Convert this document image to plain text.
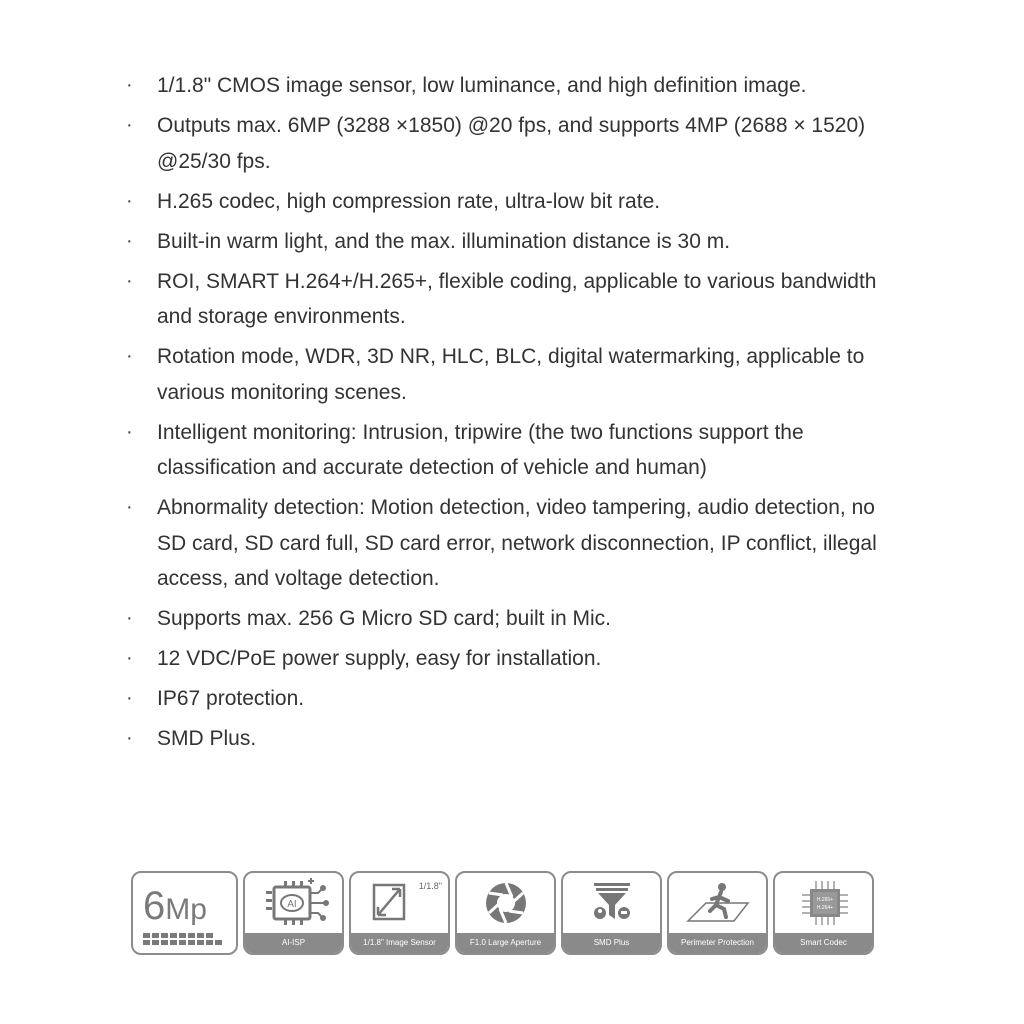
· 1/1.8" CMOS image sensor, low luminance, and high definition image.
· Outputs max. 6MP (3288 ×1850) @20 fps, and supports 4MP (2688 × 1520) @25/30 fps.
· H.265 codec, high compression rate, ultra-low bit rate.
· Built-in warm light, and the max. illumination distance is 30 m.
· ROI, SMART H.264+/H.265+, flexible coding, applicable to various bandwidth and storage environments.
· Rotation mode, WDR, 3D NR, HLC, BLC, digital watermarking, applicable to various monitoring scenes.
· Intelligent monitoring: Intrusion, tripwire (the two functions support the classification and accurate detection of vehicle and human)
· Abnormality detection: Motion detection, video tampering, audio detection, no SD card, SD card full, SD card error, network disconnection, IP conflict, illegal access, and voltage detection.
· Supports max. 256 G Micro SD card; built in Mic.
· 12 VDC/PoE power supply, easy for installation.
· IP67 protection.
· SMD Plus.
6Mp	AI
AI-ISP
1/1.8"
1/1.8" Image Sensor	F1.0 Large Aperture	SMD Plus	Perimeter Protection
H.265+
H.264+
Smart Codec
